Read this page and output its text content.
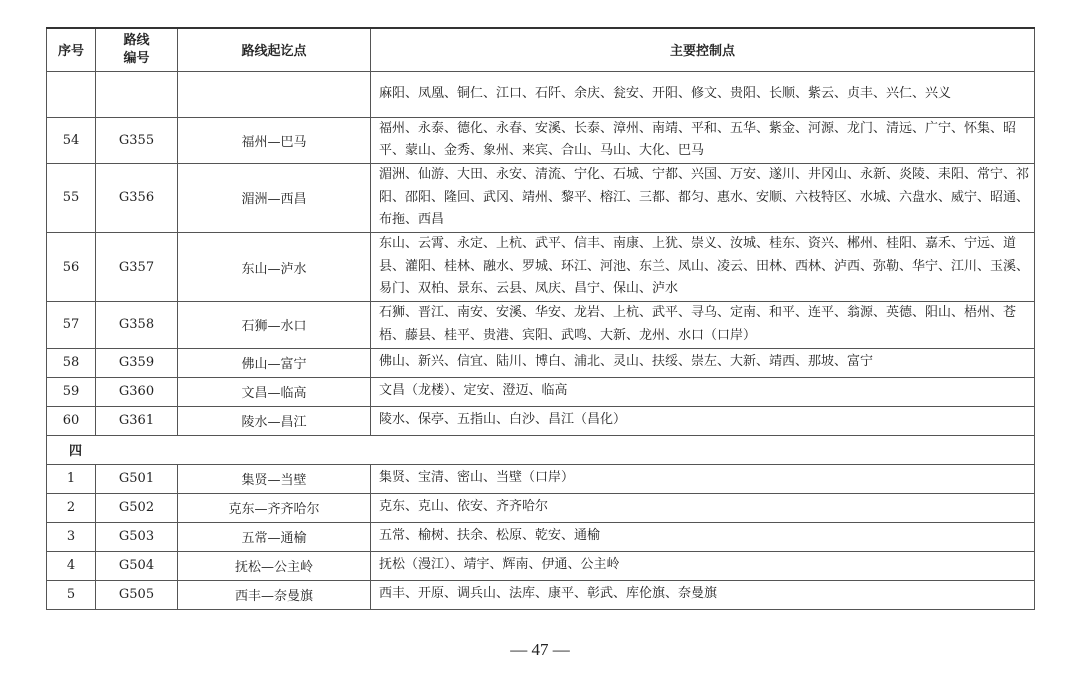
序号	路线编号	路线起讫点	主要控制点
			麻阳、凤凰、铜仁、江口、石阡、余庆、瓮安、开阳、修文、贵阳、长顺、紫云、贞丰、兴仁、兴义
54	G355	福州—巴马	福州、永泰、德化、永春、安溪、长泰、漳州、南靖、平和、五华、紫金、河源、龙门、清远、广宁、怀集、昭平、蒙山、金秀、象州、来宾、合山、马山、大化、巴马
55	G356	湄洲—西昌	湄洲、仙游、大田、永安、清流、宁化、石城、宁都、兴国、万安、遂川、井冈山、永新、炎陵、耒阳、常宁、祁阳、邵阳、隆回、武冈、靖州、黎平、榕江、三都、都匀、惠水、安顺、六枝特区、水城、六盘水、威宁、昭通、布拖、西昌
56	G357	东山—泸水	东山、云霄、永定、上杭、武平、信丰、南康、上犹、崇义、汝城、桂东、资兴、郴州、桂阳、嘉禾、宁远、道县、灌阳、桂林、融水、罗城、环江、河池、东兰、凤山、凌云、田林、西林、泸西、弥勒、华宁、江川、玉溪、易门、双柏、景东、云县、凤庆、昌宁、保山、泸水
57	G358	石狮—水口	石狮、晋江、南安、安溪、华安、龙岩、上杭、武平、寻乌、定南、和平、连平、翁源、英德、阳山、梧州、苍梧、藤县、桂平、贵港、宾阳、武鸣、大新、龙州、水口（口岸）
58	G359	佛山—富宁	佛山、新兴、信宜、陆川、博白、浦北、灵山、扶绥、崇左、大新、靖西、那坡、富宁
59	G360	文昌—临高	文昌（龙楼）、定安、澄迈、临高
60	G361	陵水—昌江	陵水、保亭、五指山、白沙、昌江（昌化）
四			
1	G501	集贤—当壁	集贤、宝清、密山、当壁（口岸）
2	G502	克东—齐齐哈尔	克东、克山、依安、齐齐哈尔
3	G503	五常—通榆	五常、榆树、扶余、松原、乾安、通榆
4	G504	抚松—公主岭	抚松（漫江）、靖宇、辉南、伊通、公主岭
5	G505	西丰—奈曼旗	西丰、开原、调兵山、法库、康平、彰武、库伦旗、奈曼旗
— 47 —
